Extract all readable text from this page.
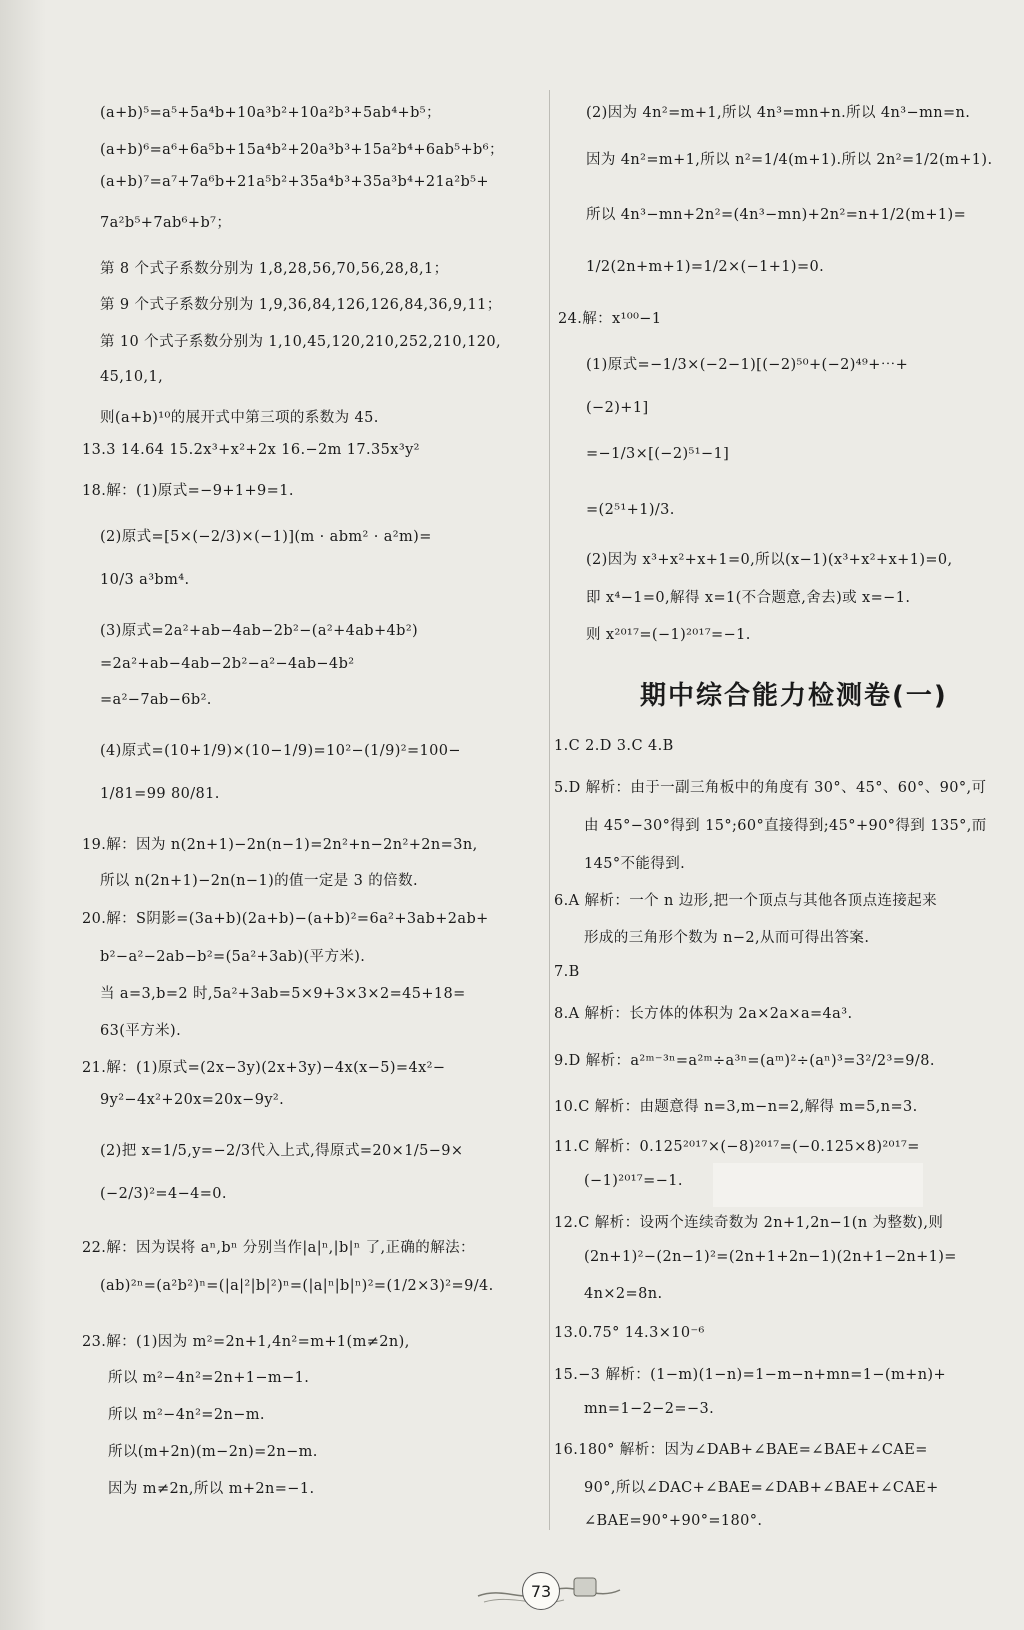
(a+b)⁵=a⁵+5a⁴b+10a³b²+10a²b³+5ab⁴+b⁵；
(a+b)⁶=a⁶+6a⁵b+15a⁴b²+20a³b³+15a²b⁴+6ab⁵+b⁶；
(a+b)⁷=a⁷+7a⁶b+21a⁵b²+35a⁴b³+35a³b⁴+21a²b⁵+
7a²b⁵+7ab⁶+b⁷；
第 8 个式子系数分别为 1,8,28,56,70,56,28,8,1；
第 9 个式子系数分别为 1,9,36,84,126,126,84,36,9,11；
第 10 个式子系数分别为 1,10,45,120,210,252,210,120,
45,10,1,
则(a+b)¹⁰的展开式中第三项的系数为 45.
13.3 14.64 15.2x³+x²+2x 16.−2m 17.35x³y²
18.解：(1)原式=−9+1+9=1.
(2)原式=[5×(−2/3)×(−1)](m · abm² · a²m)=
10/3 a³bm⁴.
(3)原式=2a²+ab−4ab−2b²−(a²+4ab+4b²)
=2a²+ab−4ab−2b²−a²−4ab−4b²
=a²−7ab−6b².
(4)原式=(10+1/9)×(10−1/9)=10²−(1/9)²=100−
1/81=99 80/81.
19.解：因为 n(2n+1)−2n(n−1)=2n²+n−2n²+2n=3n,
所以 n(2n+1)−2n(n−1)的值一定是 3 的倍数.
20.解：S阴影=(3a+b)(2a+b)−(a+b)²=6a²+3ab+2ab+
b²−a²−2ab−b²=(5a²+3ab)(平方米).
当 a=3,b=2 时,5a²+3ab=5×9+3×3×2=45+18=
63(平方米).
21.解：(1)原式=(2x−3y)(2x+3y)−4x(x−5)=4x²−
9y²−4x²+20x=20x−9y².
(2)把 x=1/5,y=−2/3代入上式,得原式=20×1/5−9×
(−2/3)²=4−4=0.
22.解：因为误将 aⁿ,bⁿ 分别当作|a|ⁿ,|b|ⁿ 了,正确的解法：
(ab)²ⁿ=(a²b²)ⁿ=(|a|²|b|²)ⁿ=(|a|ⁿ|b|ⁿ)²=(1/2×3)²=9/4.
23.解：(1)因为 m²=2n+1,4n²=m+1(m≠2n),
所以 m²−4n²=2n+1−m−1.
所以 m²−4n²=2n−m.
所以(m+2n)(m−2n)=2n−m.
因为 m≠2n,所以 m+2n=−1.
(2)因为 4n²=m+1,所以 4n³=mn+n.所以 4n³−mn=n.
因为 4n²=m+1,所以 n²=1/4(m+1).所以 2n²=1/2(m+1).
所以 4n³−mn+2n²=(4n³−mn)+2n²=n+1/2(m+1)=
1/2(2n+m+1)=1/2×(−1+1)=0.
24.解：x¹⁰⁰−1
(1)原式=−1/3×(−2−1)[(−2)⁵⁰+(−2)⁴⁹+⋯+
(−2)+1]
=−1/3×[(−2)⁵¹−1]
=(2⁵¹+1)/3.
(2)因为 x³+x²+x+1=0,所以(x−1)(x³+x²+x+1)=0,
即 x⁴−1=0,解得 x=1(不合题意,舍去)或 x=−1.
则 x²⁰¹⁷=(−1)²⁰¹⁷=−1.
期中综合能力检测卷(一)
1.C 2.D 3.C 4.B
5.D 解析：由于一副三角板中的角度有 30°、45°、60°、90°,可
由 45°−30°得到 15°;60°直接得到;45°+90°得到 135°,而
145°不能得到.
6.A 解析：一个 n 边形,把一个顶点与其他各顶点连接起来
形成的三角形个数为 n−2,从而可得出答案.
7.B
8.A 解析：长方体的体积为 2a×2a×a=4a³.
9.D 解析：a²ᵐ⁻³ⁿ=a²ᵐ÷a³ⁿ=(aᵐ)²÷(aⁿ)³=3²/2³=9/8.
10.C 解析：由题意得 n=3,m−n=2,解得 m=5,n=3.
11.C 解析：0.125²⁰¹⁷×(−8)²⁰¹⁷=(−0.125×8)²⁰¹⁷=
(−1)²⁰¹⁷=−1.
12.C 解析：设两个连续奇数为 2n+1,2n−1(n 为整数),则
(2n+1)²−(2n−1)²=(2n+1+2n−1)(2n+1−2n+1)=
4n×2=8n.
13.0.75° 14.3×10⁻⁶
15.−3 解析：(1−m)(1−n)=1−m−n+mn=1−(m+n)+
mn=1−2−2=−3.
16.180° 解析：因为∠DAB+∠BAE=∠BAE+∠CAE=
90°,所以∠DAC+∠BAE=∠DAB+∠BAE+∠CAE+
∠BAE=90°+90°=180°.
73
